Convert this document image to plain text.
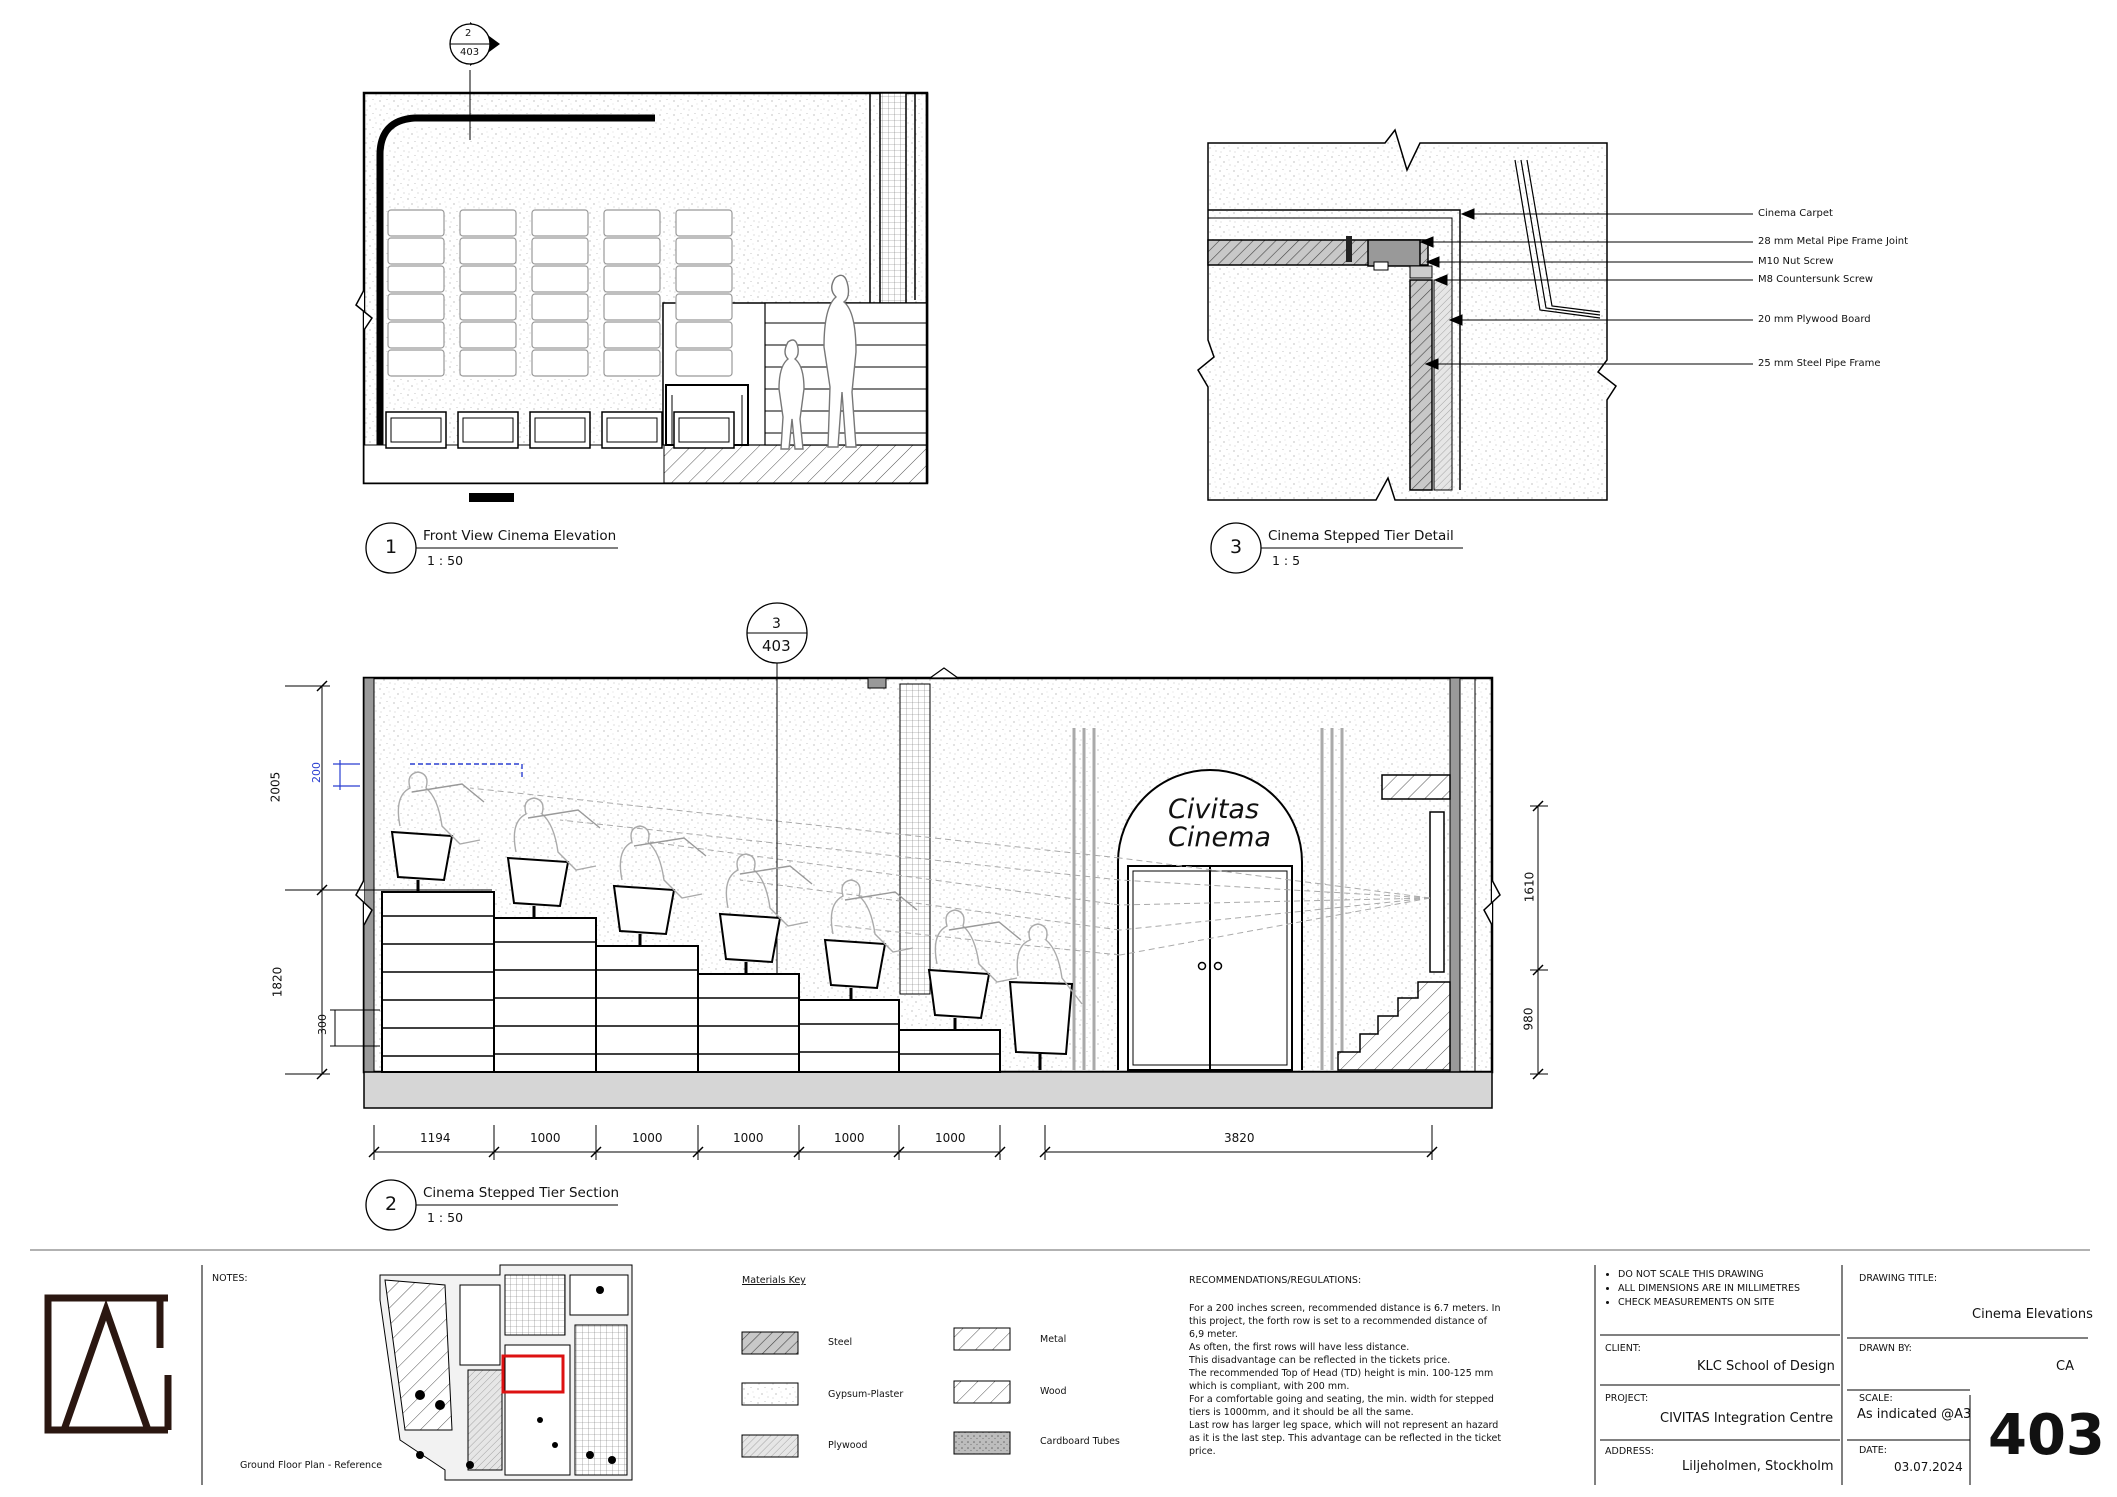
2
403
3
403
1 Front View Cinema Elevation
1 : 50
3 Cinema Stepped Tier Detail
1 : 5
2 Cinema Stepped Tier Section
1 : 50
Cinema Carpet
28 mm Metal Pipe Frame Joint
M10 Nut Screw
M8 Countersunk Screw
20 mm Plywood Board
25 mm Steel Pipe Frame
Civitas
Cinema
1194	1000	1000	1000	1000	1000	3820
2005
1820
300
200
1610
980
NOTES:
Ground Floor Plan - Reference
Materials Key
Steel	Metal
Gypsum-Plaster	Wood
Plywood	Cardboard Tubes
RECOMMENDATIONS/REGULATIONS:
For a 200 inches screen, recommended distance is 6.7 meters. In this project, the forth row is set to a recommended distance of 6,9 meter.
As often, the first rows will have less distance.
This disadvantage can be reflected in the tickets price.
The recommended Top of Head (TD) height is min. 100-125 mm which is compliant, with 200 mm.
For a comfortable going and seating, the min. width for stepped tiers is 1000mm, and it should be all the same.
Last row has larger leg space, which will not represent an hazard as it is the last step. This advantage can be reflected in the ticket price.
• DO NOT SCALE THIS DRAWING
• ALL DIMENSIONS ARE IN MILLIMETRES
• CHECK MEASUREMENTS ON SITE
CLIENT:
KLC School of Design
PROJECT:
CIVITAS Integration Centre
ADDRESS:
Liljeholmen, Stockholm
DRAWING TITLE:
Cinema Elevations
DRAWN BY:
CA
SCALE:
As indicated @A3
DATE:
03.07.2024 403
